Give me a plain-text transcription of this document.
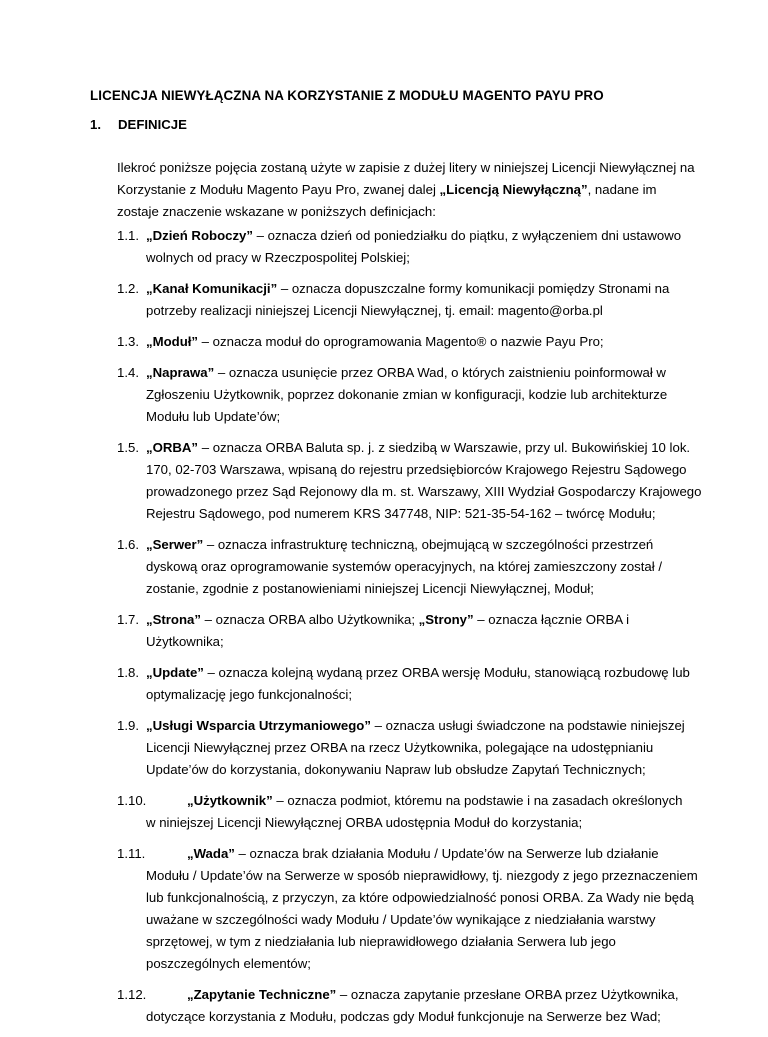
LICENCJA NIEWYŁĄCZNA NA KORZYSTANIE Z MODUŁU MAGENTO PAYU PRO
1. DEFINICJE

Ilekroć poniższe pojęcia zostaną użyte w zapisie z dużej litery w niniejszej Licencji Niewyłącznej na Korzystanie z Modułu Magento Payu Pro, zwanej dalej „Licencją Niewyłączną”, nadane im zostaje znaczenie wskazane w poniższych definicjach:

1.1. „Dzień Roboczy” – oznacza dzień od poniedziałku do piątku, z wyłączeniem dni ustawowo wolnych od pracy w Rzeczpospolitej Polskiej;
1.2. „Kanał Komunikacji” – oznacza dopuszczalne formy komunikacji pomiędzy Stronami na potrzeby realizacji niniejszej Licencji Niewyłącznej, tj. email: magento@orba.pl
1.3. „Moduł” – oznacza moduł do oprogramowania Magento® o nazwie Payu Pro;
1.4. „Naprawa” – oznacza usunięcie przez ORBA Wad, o których zaistnieniu poinformował w Zgłoszeniu Użytkownik, poprzez dokonanie zmian w konfiguracji, kodzie lub architekturze Modułu lub Update’ów;
1.5. „ORBA” – oznacza ORBA Baluta sp. j. z siedzibą w Warszawie, przy ul. Bukowińskiej 10 lok. 170, 02-703 Warszawa, wpisaną do rejestru przedsiębiorców Krajowego Rejestru Sądowego prowadzonego przez Sąd Rejonowy dla m. st. Warszawy, XIII Wydział Gospodarczy Krajowego Rejestru Sądowego, pod numerem KRS 347748, NIP: 521-35-54-162 – twórcę Modułu;
1.6. „Serwer” – oznacza infrastrukturę techniczną, obejmującą w szczególności przestrzeń dyskową oraz oprogramowanie systemów operacyjnych, na której zamieszczony został / zostanie, zgodnie z postanowieniami niniejszej Licencji Niewyłącznej, Moduł;
1.7. „Strona” – oznacza ORBA albo Użytkownika; „Strony” – oznacza łącznie ORBA i Użytkownika;
1.8. „Update” – oznacza kolejną wydaną przez ORBA wersję Modułu, stanowiącą rozbudowę lub optymalizację jego funkcjonalności;
1.9. „Usługi Wsparcia Utrzymaniowego” – oznacza usługi świadczone na podstawie niniejszej Licencji Niewyłącznej przez ORBA na rzecz Użytkownika, polegające na udostępnianiu Update’ów do korzystania, dokonywaniu Napraw lub obsłudze Zapytań Technicznych;
1.10.	„Użytkownik” – oznacza podmiot, któremu na podstawie i na zasadach określonych
w niniejszej Licencji Niewyłącznej ORBA udostępnia Moduł do korzystania;
1.11.	„Wada” – oznacza brak działania Modułu / Update’ów na Serwerze lub działanie
Modułu / Update’ów na Serwerze w sposób nieprawidłowy, tj. niezgody z jego przeznaczeniem lub funkcjonalnością, z przyczyn, za które odpowiedzialność ponosi ORBA. Za Wady nie będą uważane w szczególności wady Modułu / Update’ów wynikające z niedziałania warstwy sprzętowej, w tym z niedziałania lub nieprawidłowego działania Serwera lub jego poszczególnych elementów;
1.12.	„Zapytanie Techniczne” – oznacza zapytanie przesłane ORBA przez Użytkownika,
dotyczące korzystania z Modułu, podczas gdy Moduł funkcjonuje na Serwerze bez Wad;
